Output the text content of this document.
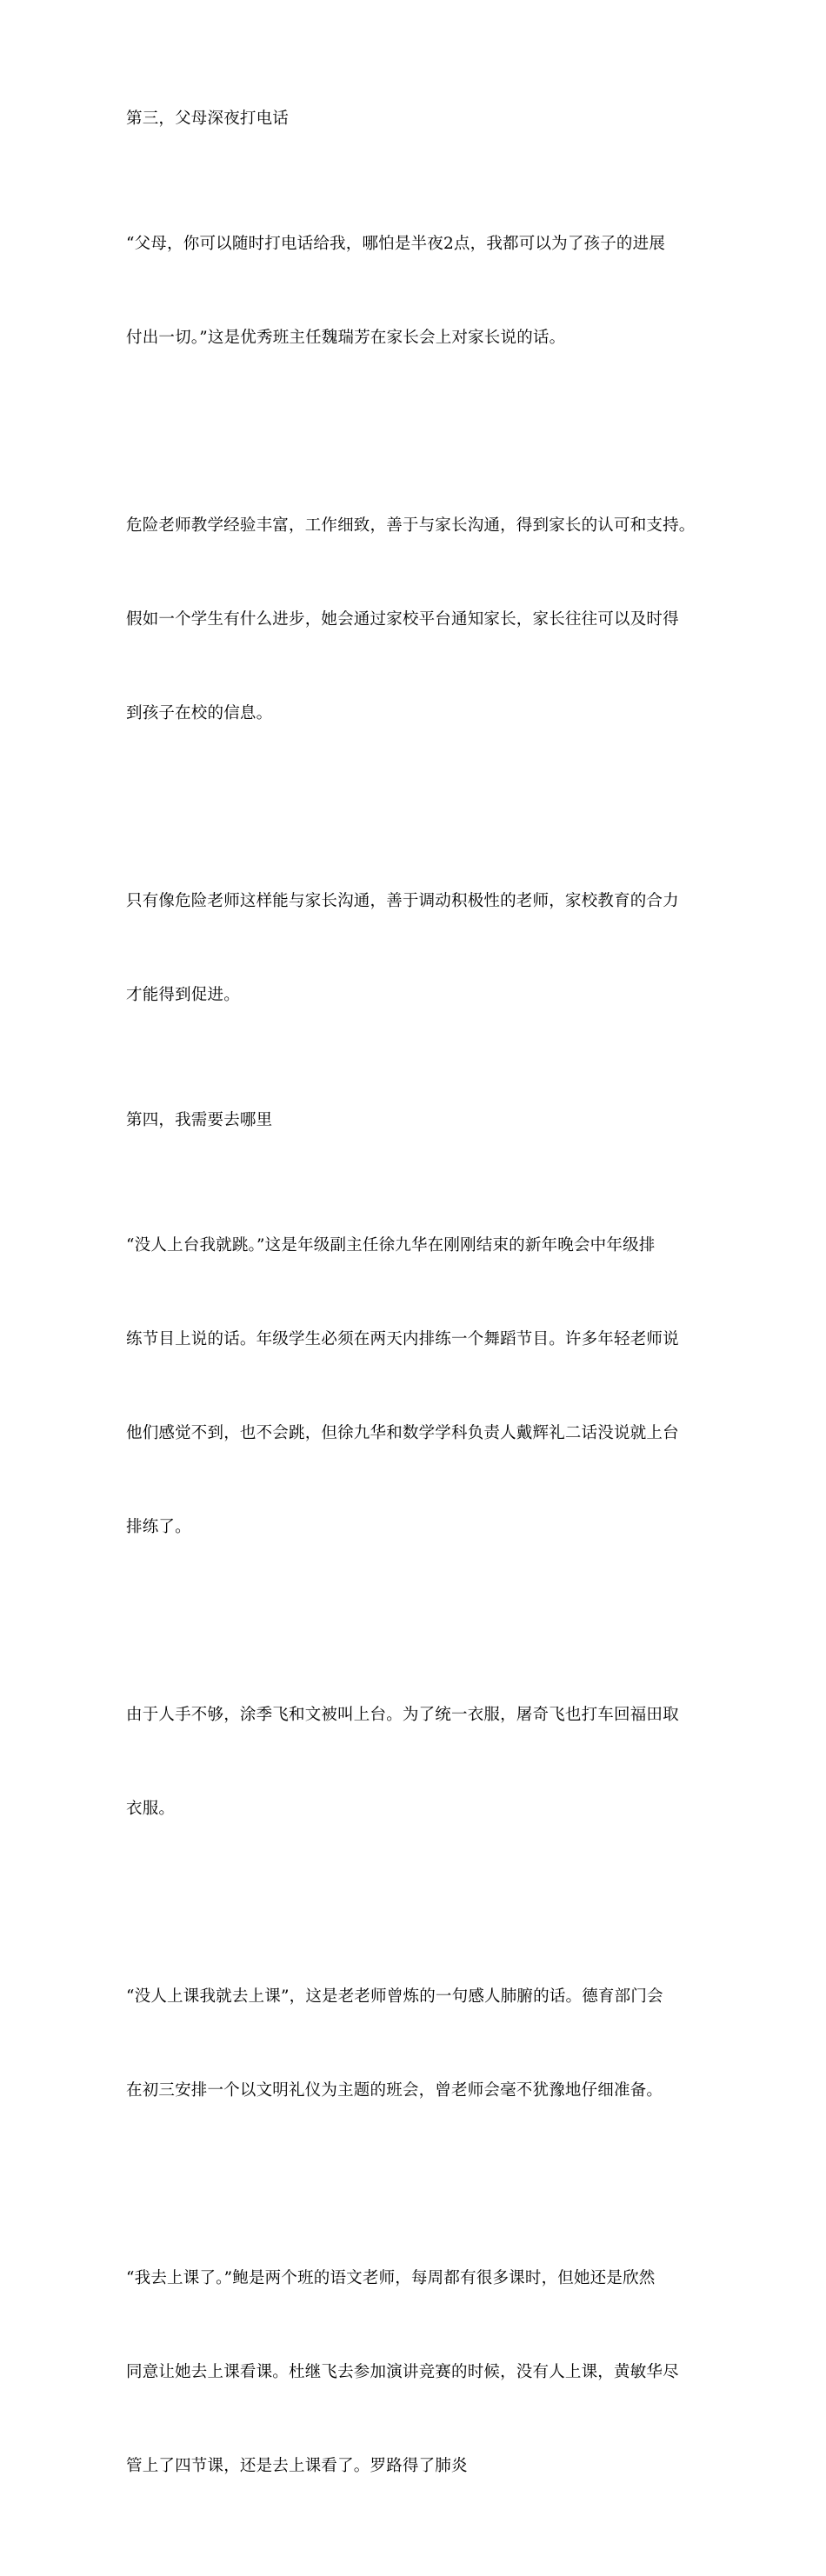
第三，父母深夜打电话

“父母，你可以随时打电话给我，哪怕是半夜2点，我都可以为了孩子的进展

付出一切。”这是优秀班主任魏瑞芳在家长会上对家长说的话。

危险老师教学经验丰富，工作细致，善于与家长沟通，得到家长的认可和支持。

假如一个学生有什么进步，她会通过家校平台通知家长，家长往往可以及时得

到孩子在校的信息。

只有像危险老师这样能与家长沟通，善于调动积极性的老师，家校教育的合力

才能得到促进。

第四，我需要去哪里

“没人上台我就跳。”这是年级副主任徐九华在刚刚结束的新年晚会中年级排

练节目上说的话。年级学生必须在两天内排练一个舞蹈节目。许多年轻老师说

他们感觉不到，也不会跳，但徐九华和数学学科负责人戴辉礼二话没说就上台

排练了。

由于人手不够，涂季飞和文被叫上台。为了统一衣服，屠奇飞也打车回福田取

衣服。

“没人上课我就去上课”，这是老老师曾炼的一句感人肺腑的话。德育部门会

在初三安排一个以文明礼仪为主题的班会，曾老师会毫不犹豫地仔细准备。

“我去上课了。”鲍是两个班的语文老师，每周都有很多课时，但她还是欣然

同意让她去上课看课。杜继飞去参加演讲竞赛的时候，没有人上课，黄敏华尽

管上了四节课，还是去上课看了。罗路得了肺炎
